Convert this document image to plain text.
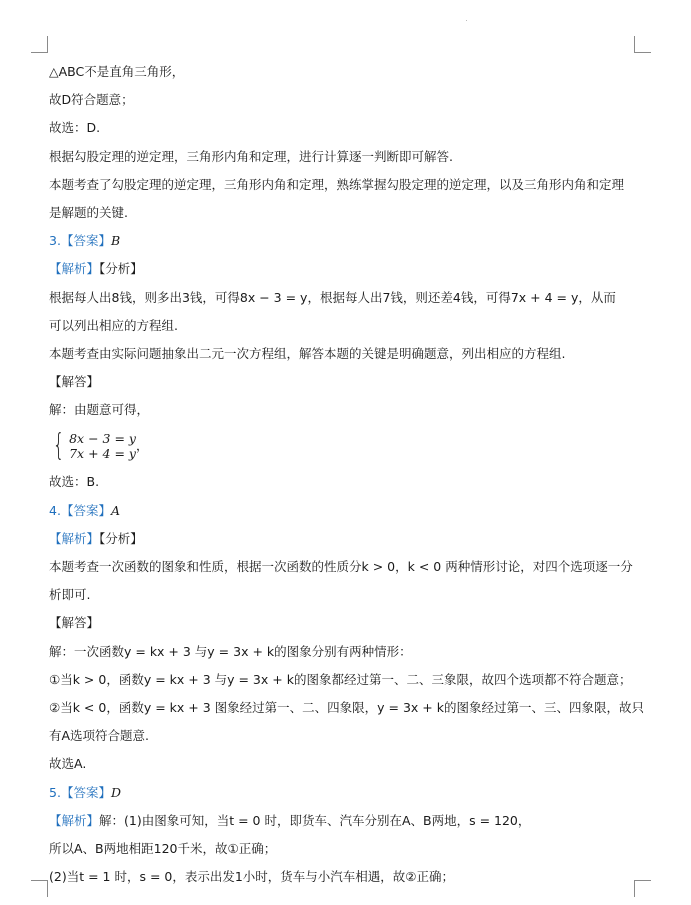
△ABC不是直角三角形，
故D符合题意；
故选：D.
根据勾股定理的逆定理，三角形内角和定理，进行计算逐一判断即可解答.
本题考查了勾股定理的逆定理，三角形内角和定理，熟练掌握勾股定理的逆定理，以及三角形内角和定理
是解题的关键.
3.【答案】B
【解析】【分析】
根据每人出8钱，则多出3钱，可得8x − 3 = y，根据每人出7钱，则还差4钱，可得7x + 4 = y，从而
可以列出相应的方程组.
本题考查由实际问题抽象出二元一次方程组，解答本题的关键是明确题意，列出相应的方程组.
【解答】
解：由题意可得，
{ 8x − 3 = y
7x + 4 = y
，
故选：B.
4.【答案】A
【解析】【分析】
本题考查一次函数的图象和性质，根据一次函数的性质分k > 0，k < 0 两种情形讨论，对四个选项逐一分
析即可.
【解答】
解：一次函数y = kx + 3 与y = 3x + k的图象分别有两种情形：
①当k > 0，函数y = kx + 3 与y = 3x + k的图象都经过第一、二、三象限，故四个选项都不符合题意；
②当k < 0，函数y = kx + 3 图象经过第一、二、四象限，y = 3x + k的图象经过第一、三、四象限，故只
有A选项符合题意.
故选A.
5.【答案】D
【解析】解：(1)由图象可知，当t = 0 时，即货车、汽车分别在A、B两地，s = 120，
所以A、B两地相距120千米，故①正确；
(2)当t = 1 时，s = 0，表示出发1小时，货车与小汽车相遇，故②正确；
